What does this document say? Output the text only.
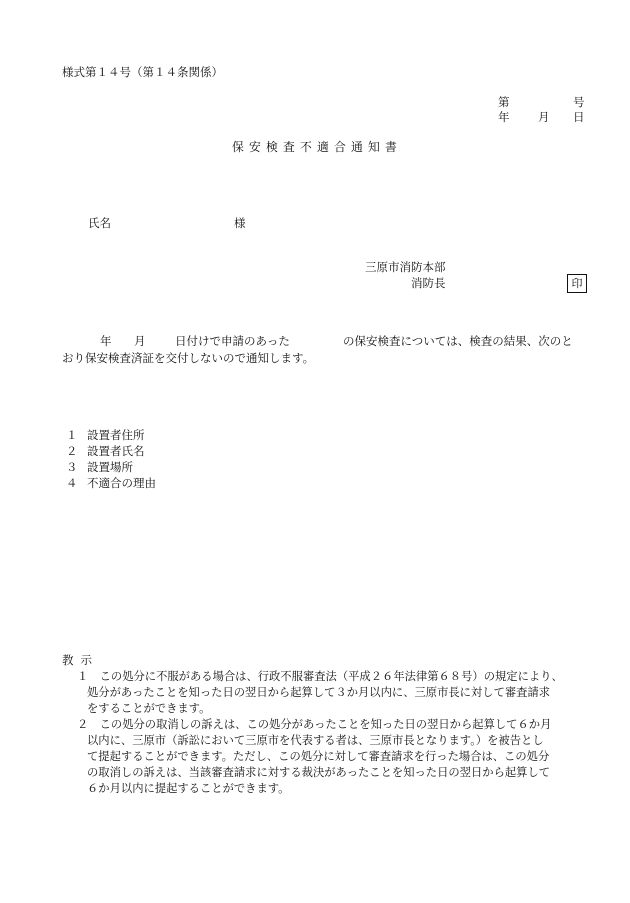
様式第１４号（第１４条関係）
第	号
年 月 日
保安検査不適合通知書
氏名	様
三原市消防本部
消防長	印
年 月	日付けで申請のあった	の保安検査については、検査の結果、次のと
おり保安検査済証を交付しないので通知します。
１ 設置者住所
２ 設置者氏名
３ 設置場所
４ 不適合の理由
教示
１　この処分に不服がある場合は、行政不服審査法（平成２６年法律第６８号）の規定により、
処分があったことを知った日の翌日から起算して３か月以内に、三原市長に対して審査請求
をすることができます。
２　この処分の取消しの訴えは、この処分があったことを知った日の翌日から起算して６か月
以内に、三原市（訴訟において三原市を代表する者は、三原市長となります。）を被告とし
て提起することができます。ただし、この処分に対して審査請求を行った場合は、この処分
の取消しの訴えは、当該審査請求に対する裁決があったことを知った日の翌日から起算して
６か月以内に提起することができます。
